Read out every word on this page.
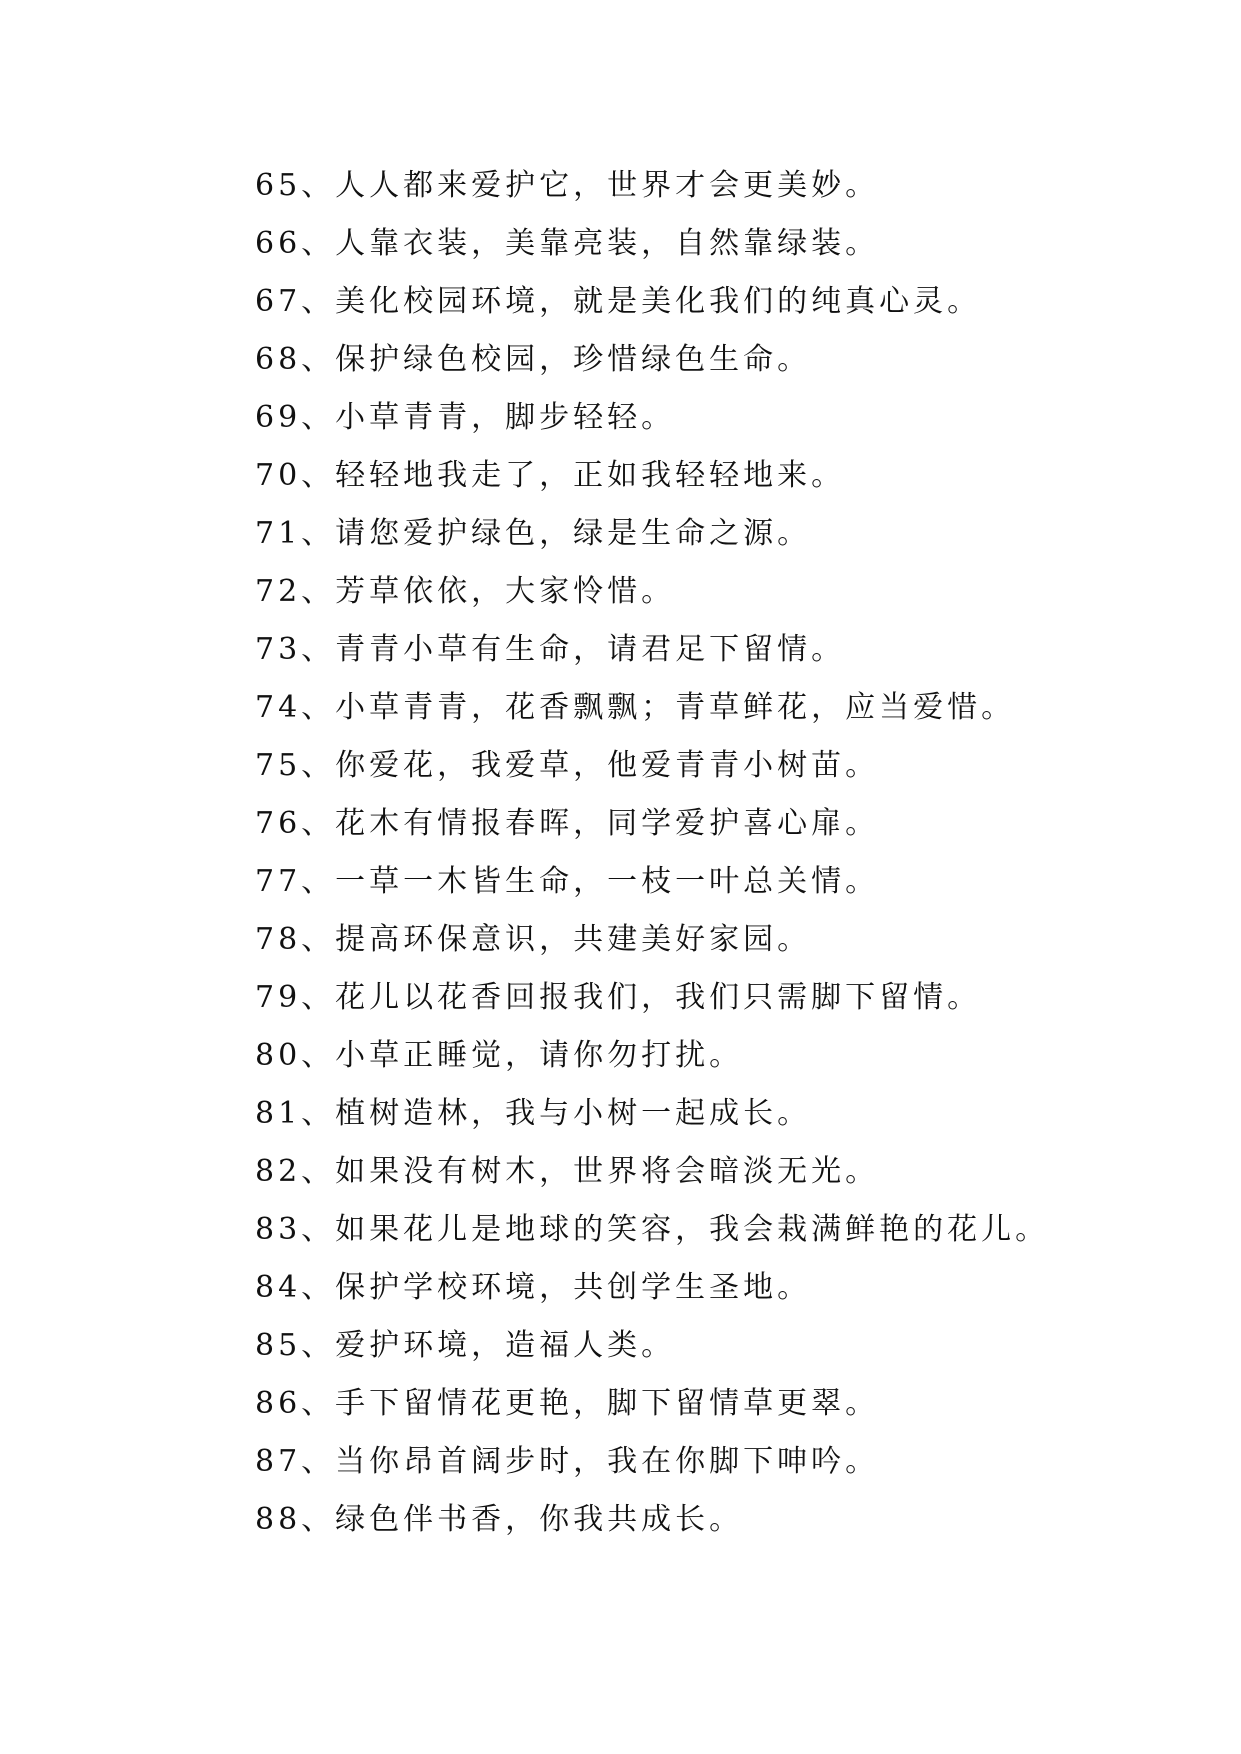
65、人人都来爱护它，世界才会更美妙。
66、人靠衣装，美靠亮装，自然靠绿装。
67、美化校园环境，就是美化我们的纯真心灵。
68、保护绿色校园，珍惜绿色生命。
69、小草青青，脚步轻轻。
70、轻轻地我走了，正如我轻轻地来。
71、请您爱护绿色，绿是生命之源。
72、芳草依依，大家怜惜。
73、青青小草有生命，请君足下留情。
74、小草青青，花香飘飘；青草鲜花，应当爱惜。
75、你爱花，我爱草，他爱青青小树苗。
76、花木有情报春晖，同学爱护喜心扉。
77、一草一木皆生命，一枝一叶总关情。
78、提高环保意识，共建美好家园。
79、花儿以花香回报我们，我们只需脚下留情。
80、小草正睡觉，请你勿打扰。
81、植树造林，我与小树一起成长。
82、如果没有树木，世界将会暗淡无光。
83、如果花儿是地球的笑容，我会栽满鲜艳的花儿。
84、保护学校环境，共创学生圣地。
85、爱护环境，造福人类。
86、手下留情花更艳，脚下留情草更翠。
87、当你昂首阔步时，我在你脚下呻吟。
88、绿色伴书香，你我共成长。
